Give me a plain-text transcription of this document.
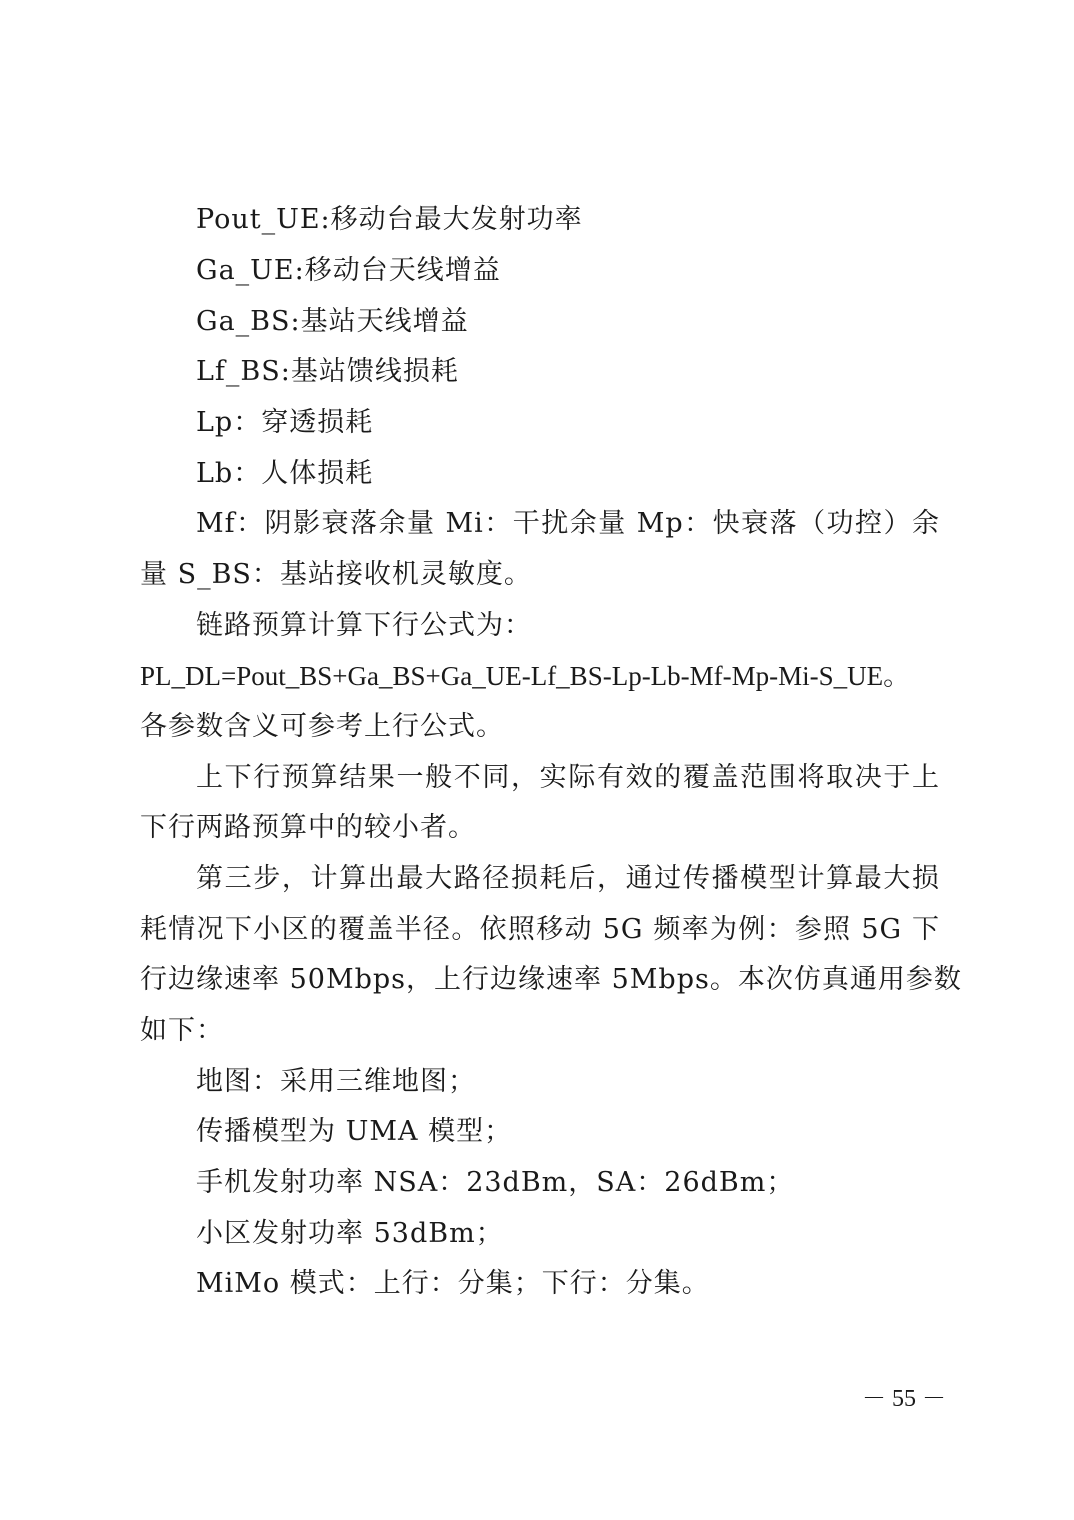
Pout_UE:移动台最大发射功率
Ga_UE:移动台天线增益
Ga_BS:基站天线增益
Lf_BS:基站馈线损耗
Lp：穿透损耗
Lb：人体损耗
Mf：阴影衰落余量 Mi：干扰余量 Mp：快衰落（功控）余
量 S_BS：基站接收机灵敏度。
链路预算计算下行公式为：
PL_DL=Pout_BS+Ga_BS+Ga_UE-Lf_BS-Lp-Lb-Mf-Mp-Mi-S_UE。
各参数含义可参考上行公式。
上下行预算结果一般不同，实际有效的覆盖范围将取决于上
下行两路预算中的较小者。
第三步，计算出最大路径损耗后，通过传播模型计算最大损
耗情况下小区的覆盖半径。依照移动 5G 频率为例：参照 5G 下
行边缘速率 50Mbps，上行边缘速率 5Mbps。本次仿真通用参数
如下：
地图：采用三维地图；
传播模型为 UMA 模型；
手机发射功率 NSA：23dBm，SA：26dBm；
小区发射功率 53dBm；
MiMo 模式：上行：分集；下行：分集。
－ 55 －
